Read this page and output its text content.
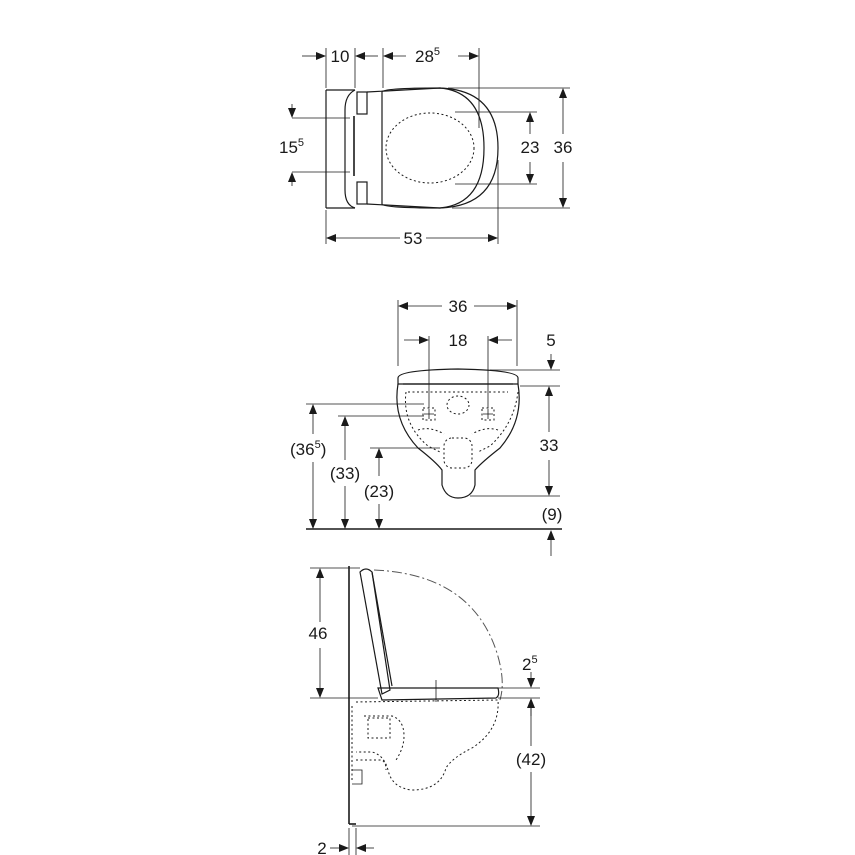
10	$28^5$
$15^5$	23 36
53
36
18	5
33
(9)
$(36^5)$
(33)
(23)
46
$2^5$
(42)
2
